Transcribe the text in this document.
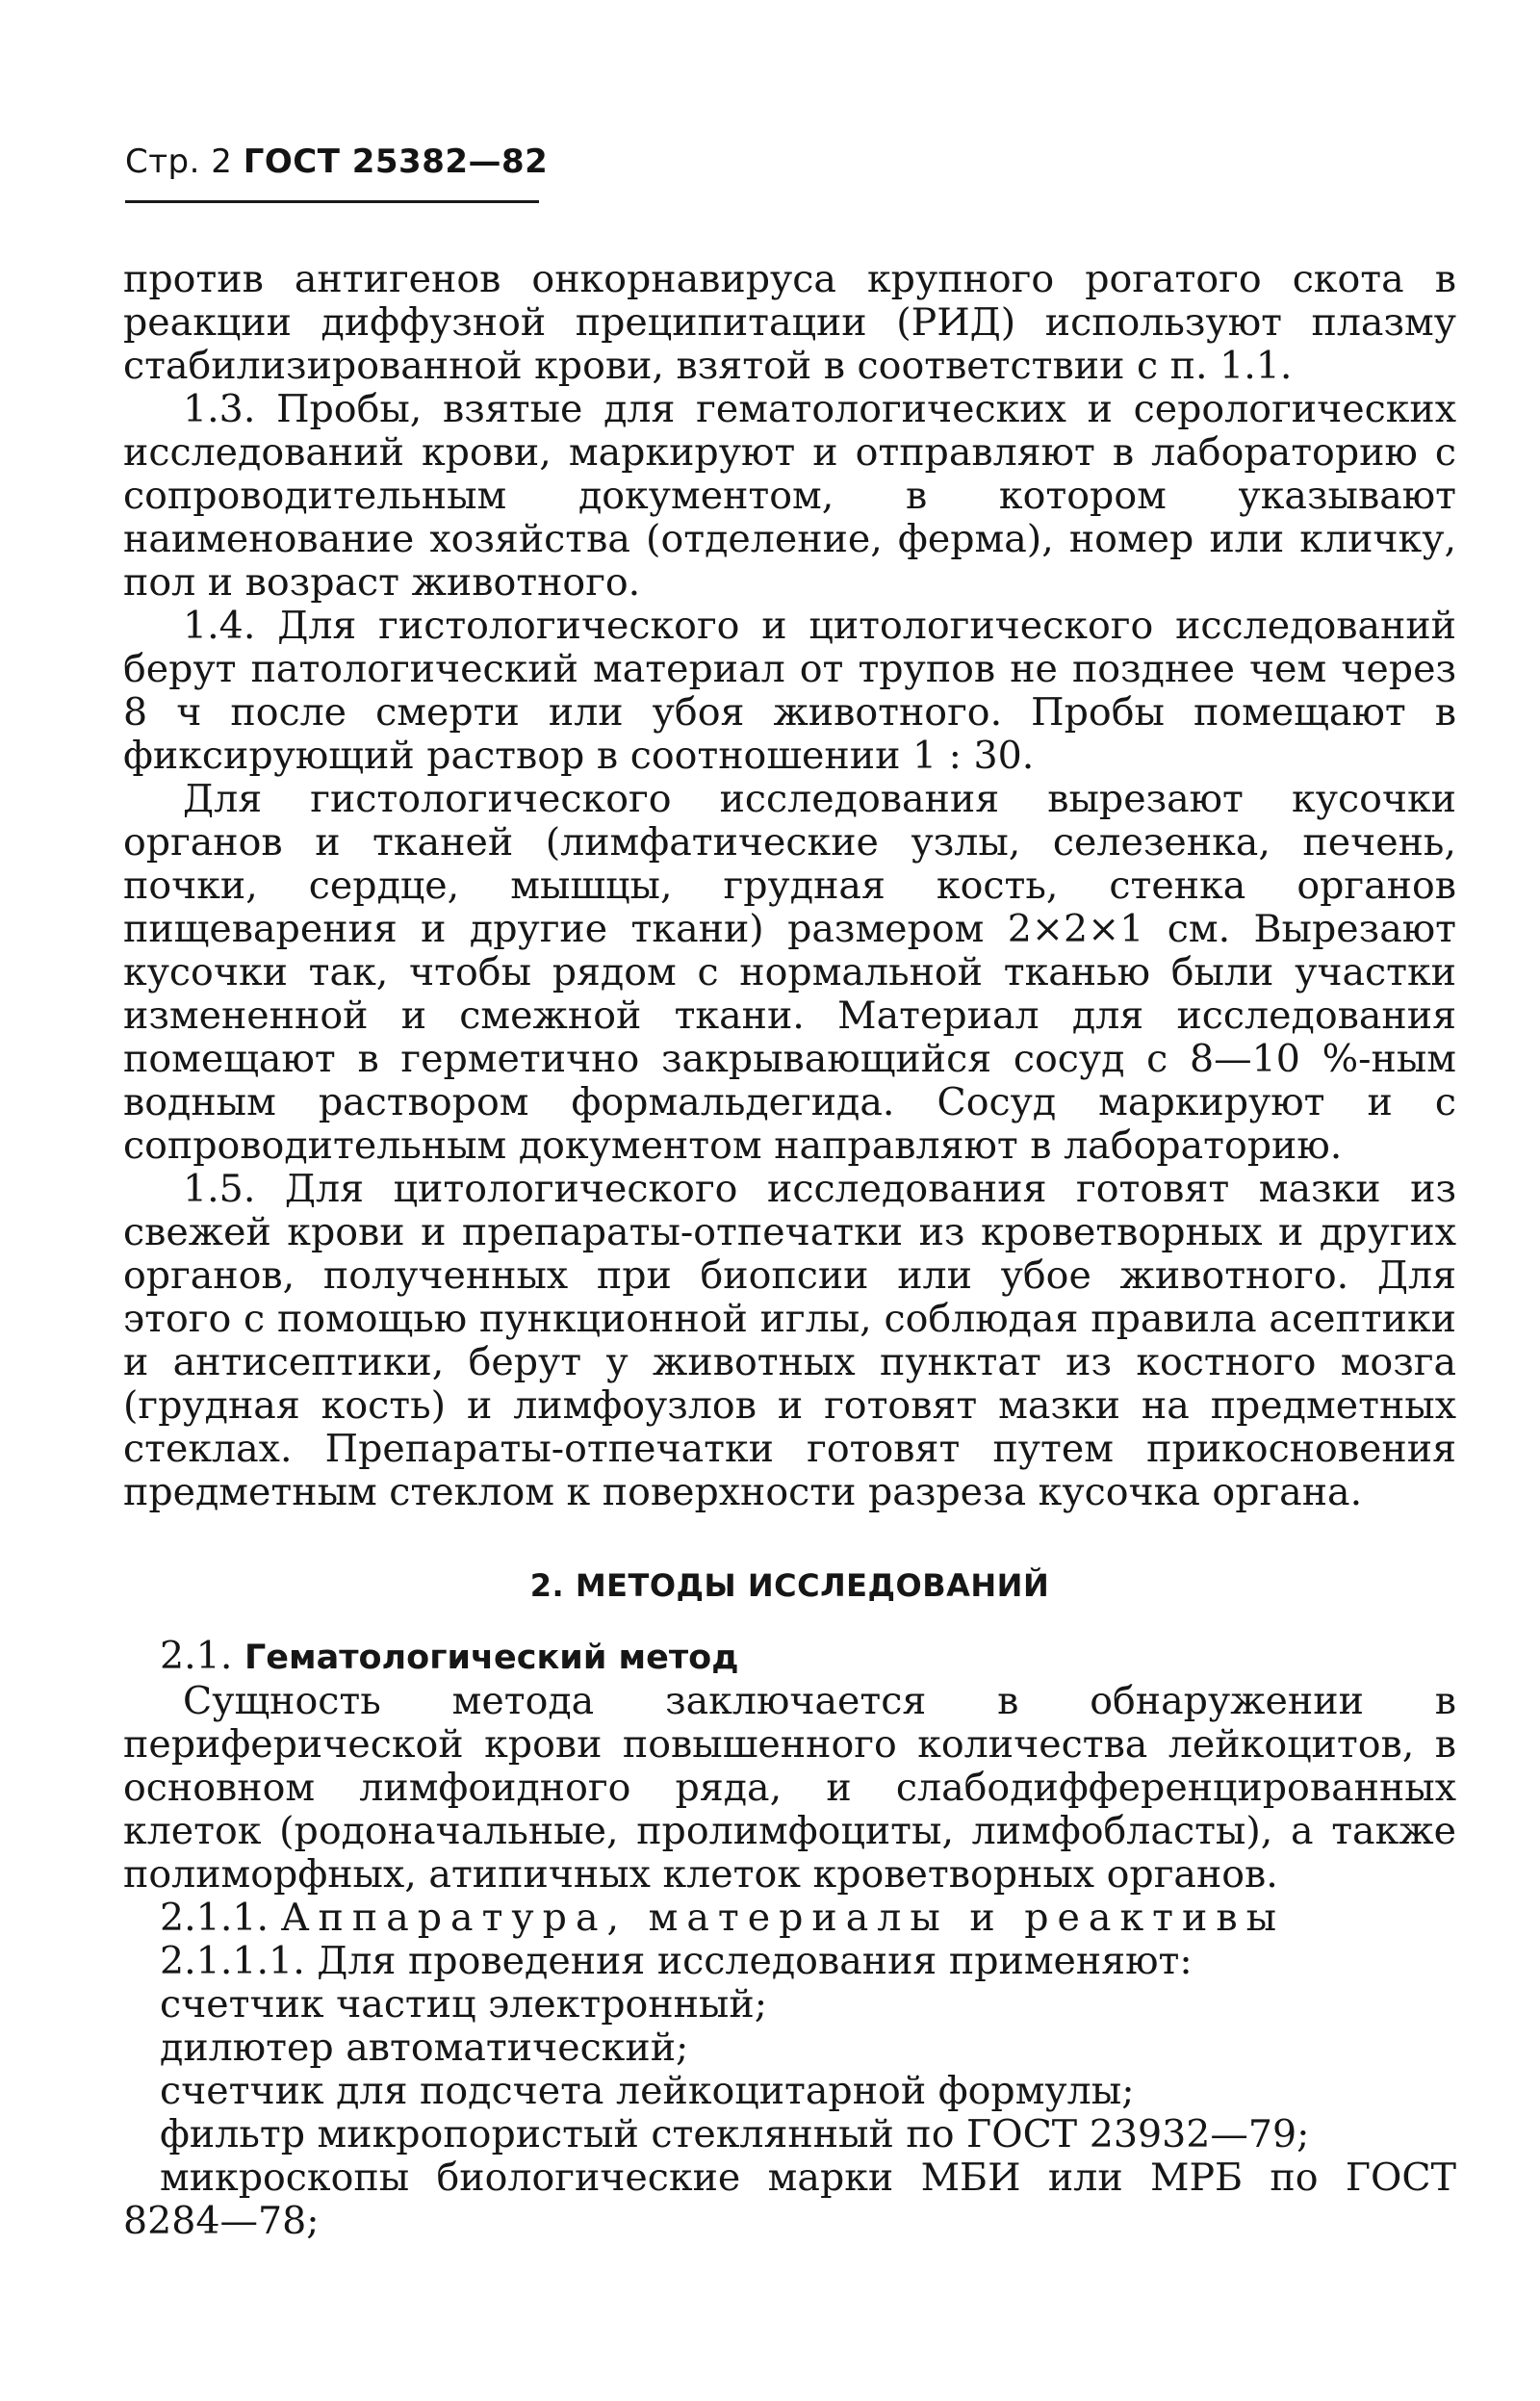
Стр. 2 ГОСТ 25382—82

против антигенов онкорнавируса крупного рогатого скота в реакции диффузной преципитации (РИД) используют плазму стабилизированной крови, взятой в соответствии с п. 1.1.

1.3. Пробы, взятые для гематологических и серологических исследований крови, маркируют и отправляют в лабораторию с сопроводительным документом, в котором указывают наименование хозяйства (отделение, ферма), номер или кличку, пол и возраст животного.

1.4. Для гистологического и цитологического исследований берут патологический материал от трупов не позднее чем через 8 ч после смерти или убоя животного. Пробы помещают в фиксирующий раствор в соотношении 1 : 30.

Для гистологического исследования вырезают кусочки органов и тканей (лимфатические узлы, селезенка, печень, почки, сердце, мышцы, грудная кость, стенка органов пищеварения и другие ткани) размером 2×2×1 см. Вырезают кусочки так, чтобы рядом с нормальной тканью были участки измененной и смежной ткани. Материал для исследования помещают в герметично закрывающийся сосуд с 8—10 %-ным водным раствором формальдегида. Сосуд маркируют и с сопроводительным документом направляют в лабораторию.

1.5. Для цитологического исследования готовят мазки из свежей крови и препараты-отпечатки из кроветворных и других органов, полученных при биопсии или убое животного. Для этого с помощью пункционной иглы, соблюдая правила асептики и антисептики, берут у животных пунктат из костного мозга (грудная кость) и лимфоузлов и готовят мазки на предметных стеклах. Препараты-отпечатки готовят путем прикосновения предметным стеклом к поверхности разреза кусочка органа.

2. МЕТОДЫ ИССЛЕДОВАНИЙ

2.1. Гематологический метод

Сущность метода заключается в обнаружении в периферической крови повышенного количества лейкоцитов, в основном лимфоидного ряда, и слабодифференцированных клеток (родоначальные, пролимфоциты, лимфобласты), а также полиморфных, атипичных клеток кроветворных органов.

2.1.1. Аппаратура, материалы и реактивы

2.1.1.1. Для проведения исследования применяют:

счетчик частиц электронный;

дилютер автоматический;

счетчик для подсчета лейкоцитарной формулы;

фильтр микропористый стеклянный по ГОСТ 23932—79;

микроскопы биологические марки МБИ или МРБ по ГОСТ 8284—78;
